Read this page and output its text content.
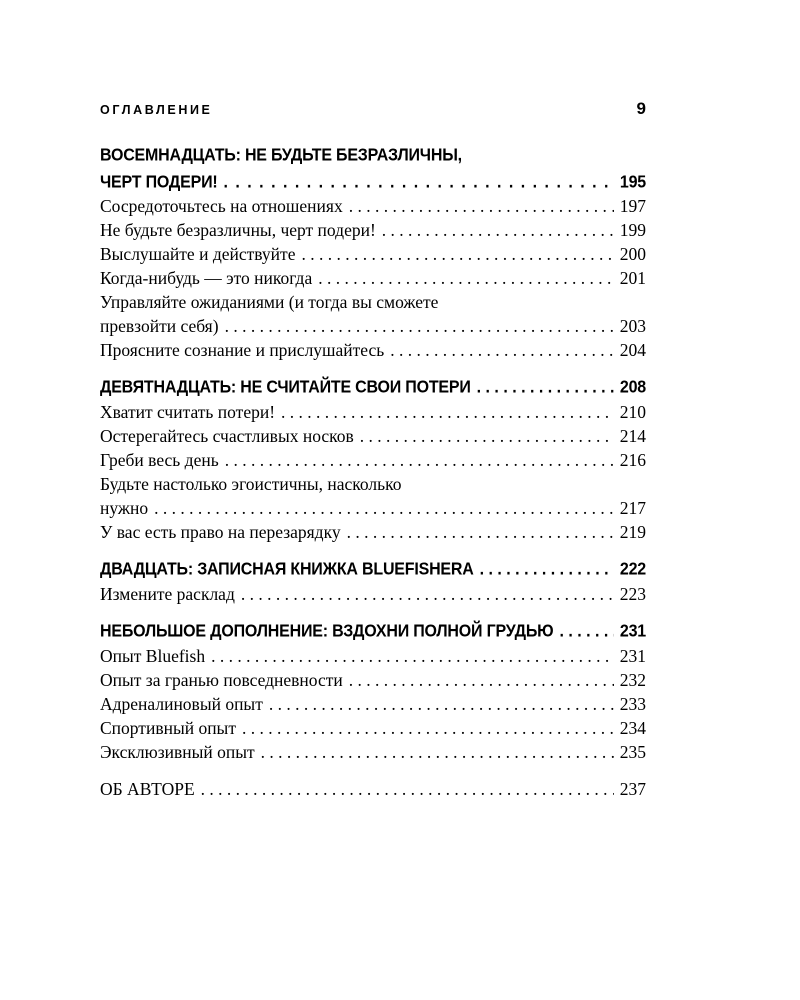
ОГЛАВЛЕНИЕ	9
ВОСЕМНАДЦАТЬ: НЕ БУДЬТЕ БЕЗРАЗЛИЧНЫ,
ЧЕРТ ПОДЕРИ! . . .	195
Сосредоточьтесь на отношениях . . .	197
Не будьте безразличны, черт подери! . . .	199
Выслушайте и действуйте . . .	200
Когда-нибудь — это никогда . . .	201
Управляйте ожиданиями (и тогда вы сможете
превзойти себя) . . .	203
Проясните сознание и прислушайтесь . . .	204
ДЕВЯТНАДЦАТЬ: НЕ СЧИТАЙТЕ СВОИ ПОТЕРИ . . .	208
Хватит считать потери! . . .	210
Остерегайтесь счастливых носков . . .	214
Греби весь день . . .	216
Будьте настолько эгоистичны, насколько
нужно . . .	217
У вас есть право на перезарядку . . .	219
ДВАДЦАТЬ: ЗАПИСНАЯ КНИЖКА BLUEFISHERA . . .	222
Измените расклад . . .	223
НЕБОЛЬШОЕ ДОПОЛНЕНИЕ: ВЗДОХНИ ПОЛНОЙ ГРУДЬЮ . . .	231
Опыт Bluefish . . .	231
Опыт за гранью повседневности . . .	232
Адреналиновый опыт . . .	233
Спортивный опыт . . .	234
Эксклюзивный опыт . . .	235
ОБ АВТОРЕ . . .	237
